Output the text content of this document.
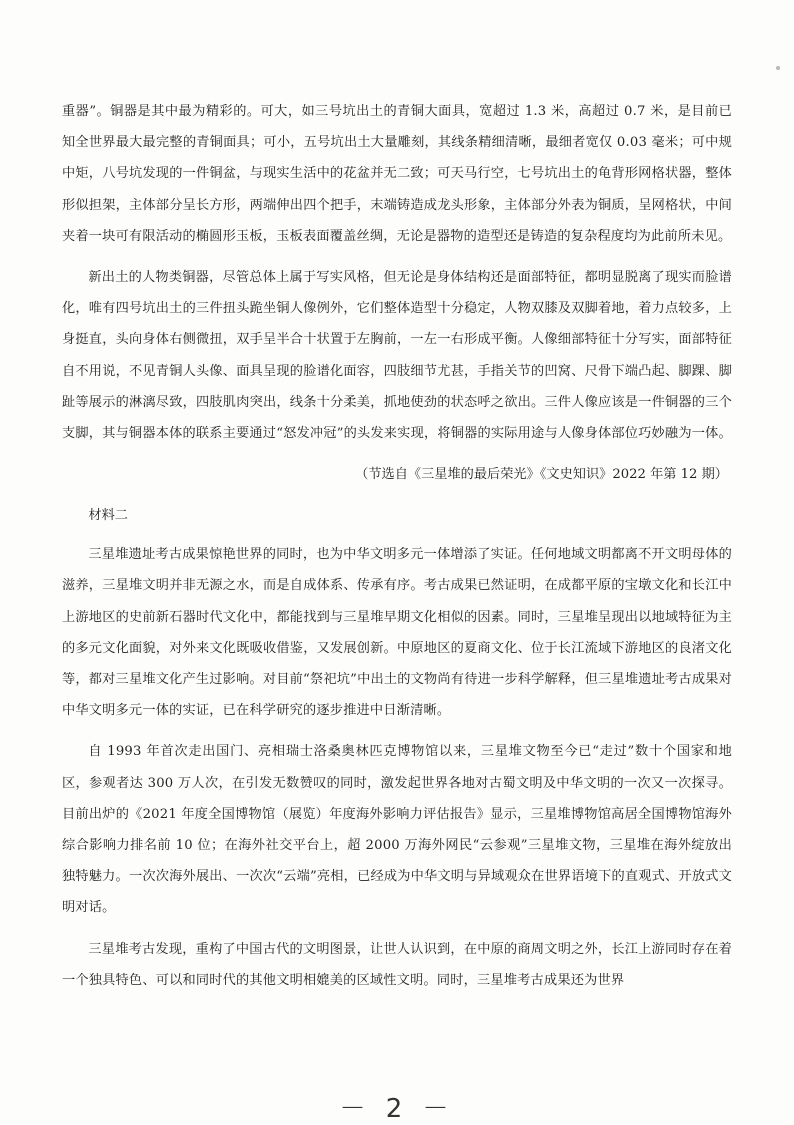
重器”。铜器是其中最为精彩的。可大，如三号坑出土的青铜大面具，宽超过 1.3 米，高超过 0.7 米，是目前已知全世界最大最完整的青铜面具；可小，五号坑出土大量雕刻，其线条精细清晰，最细者宽仅 0.03 毫米；可中规中矩，八号坑发现的一件铜盆，与现实生活中的花盆并无二致；可天马行空，七号坑出土的龟背形网格状器，整体形似担架，主体部分呈长方形，两端伸出四个把手，末端铸造成龙头形象，主体部分外表为铜质，呈网格状，中间夹着一块可有限活动的椭圆形玉板，玉板表面覆盖丝绸，无论是器物的造型还是铸造的复杂程度均为此前所未见。

新出土的人物类铜器，尽管总体上属于写实风格，但无论是身体结构还是面部特征，都明显脱离了现实而脸谱化，唯有四号坑出土的三件扭头跪坐铜人像例外，它们整体造型十分稳定，人物双膝及双脚着地，着力点较多，上身挺直，头向身体右侧微扭，双手呈半合十状置于左胸前，一左一右形成平衡。人像细部特征十分写实，面部特征自不用说，不见青铜人头像、面具呈现的脸谱化面容，四肢细节尤甚，手指关节的凹窝、尺骨下端凸起、脚踝、脚趾等展示的淋漓尽致，四肢肌肉突出，线条十分柔美，抓地使劲的状态呼之欲出。三件人像应该是一件铜器的三个支脚，其与铜器本体的联系主要通过“怒发冲冠”的头发来实现，将铜器的实际用途与人像身体部位巧妙融为一体。

（节选自《三星堆的最后荣光》《文史知识》2022 年第 12 期）

材料二

三星堆遗址考古成果惊艳世界的同时，也为中华文明多元一体增添了实证。任何地域文明都离不开文明母体的滋养，三星堆文明并非无源之水，而是自成体系、传承有序。考古成果已然证明，在成都平原的宝墩文化和长江中上游地区的史前新石器时代文化中，都能找到与三星堆早期文化相似的因素。同时，三星堆呈现出以地域特征为主的多元文化面貌，对外来文化既吸收借鉴，又发展创新。中原地区的夏商文化、位于长江流域下游地区的良渚文化等，都对三星堆文化产生过影响。对目前“祭祀坑”中出土的文物尚有待进一步科学解释，但三星堆遗址考古成果对中华文明多元一体的实证，已在科学研究的逐步推进中日渐清晰。

自 1993 年首次走出国门、亮相瑞士洛桑奥林匹克博物馆以来，三星堆文物至今已“走过”数十个国家和地区，参观者达 300 万人次，在引发无数赞叹的同时，激发起世界各地对古蜀文明及中华文明的一次又一次探寻。目前出炉的《2021 年度全国博物馆（展览）年度海外影响力评估报告》显示，三星堆博物馆高居全国博物馆海外综合影响力排名前 10 位；在海外社交平台上，超 2000 万海外网民“云参观”三星堆文物，三星堆在海外绽放出独特魅力。一次次海外展出、一次次“云端”亮相，已经成为中华文明与异域观众在世界语境下的直观式、开放式文明对话。

三星堆考古发现，重构了中国古代的文明图景，让世人认识到，在中原的商周文明之外，长江上游同时存在着一个独具特色、可以和同时代的其他文明相媲美的区域性文明。同时，三星堆考古成果还为世界

－ 2 －
